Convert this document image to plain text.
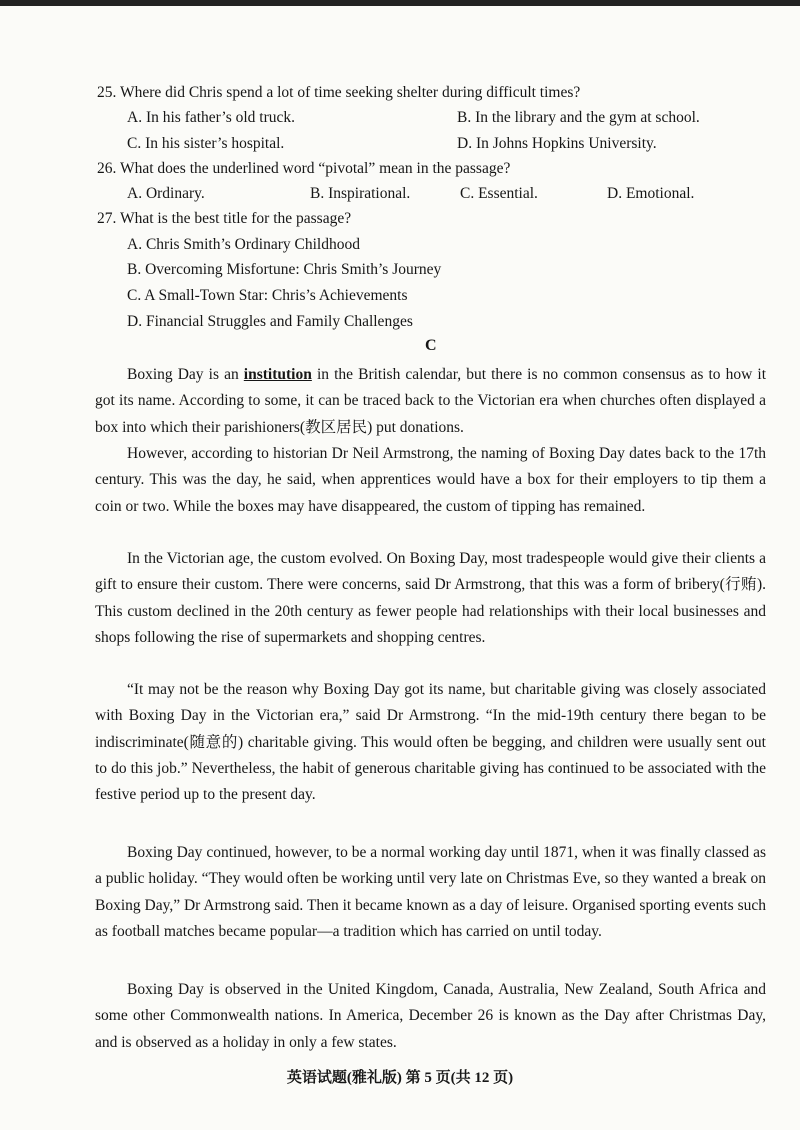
25. Where did Chris spend a lot of time seeking shelter during difficult times?
A. In his father’s old truck.	B. In the library and the gym at school.
C. In his sister’s hospital.	D. In Johns Hopkins University.
26. What does the underlined word “pivotal” mean in the passage?
A. Ordinary.	B. Inspirational.	C. Essential.	D. Emotional.
27. What is the best title for the passage?
A. Chris Smith’s Ordinary Childhood
B. Overcoming Misfortune: Chris Smith’s Journey
C. A Small-Town Star: Chris’s Achievements
D. Financial Struggles and Family Challenges
C
Boxing Day is an institution in the British calendar, but there is no common consensus as to how it got its name. According to some, it can be traced back to the Victorian era when churches often displayed a box into which their parishioners(教区居民) put donations.
However, according to historian Dr Neil Armstrong, the naming of Boxing Day dates back to the 17th century. This was the day, he said, when apprentices would have a box for their employers to tip them a coin or two. While the boxes may have disappeared, the custom of tipping has remained.
In the Victorian age, the custom evolved. On Boxing Day, most tradespeople would give their clients a gift to ensure their custom. There were concerns, said Dr Armstrong, that this was a form of bribery(行贿). This custom declined in the 20th century as fewer people had relationships with their local businesses and shops following the rise of supermarkets and shopping centres.
“It may not be the reason why Boxing Day got its name, but charitable giving was closely associated with Boxing Day in the Victorian era,” said Dr Armstrong. “In the mid-19th century there began to be indiscriminate(随意的) charitable giving. This would often be begging, and children were usually sent out to do this job.” Nevertheless, the habit of generous charitable giving has continued to be associated with the festive period up to the present day.
Boxing Day continued, however, to be a normal working day until 1871, when it was finally classed as a public holiday. “They would often be working until very late on Christmas Eve, so they wanted a break on Boxing Day,” Dr Armstrong said. Then it became known as a day of leisure. Organised sporting events such as football matches became popular—a tradition which has carried on until today.
Boxing Day is observed in the United Kingdom, Canada, Australia, New Zealand, South Africa and some other Commonwealth nations. In America, December 26 is known as the Day after Christmas Day, and is observed as a holiday in only a few states.
英语试题(雅礼版) 第 5 页(共 12 页)
